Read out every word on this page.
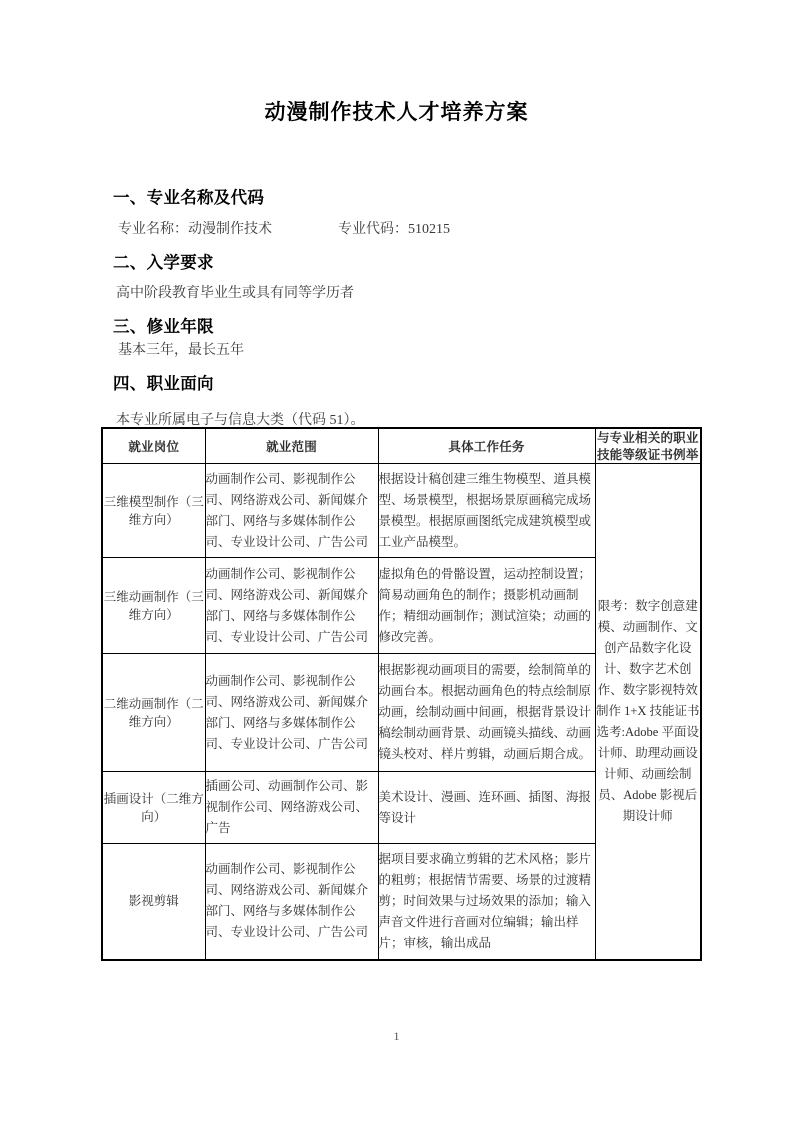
动漫制作技术人才培养方案
一、专业名称及代码
专业名称：动漫制作技术	专业代码：510215
二、入学要求
高中阶段教育毕业生或具有同等学历者
三、修业年限
基本三年，最长五年
四、职业面向
本专业所属电子与信息大类（代码 51）。
就业岗位	就业范围	具体工作任务	与专业相关的职业技能等级证书例举
三维模型制作（三维方向）	动画制作公司、影视制作公司、网络游戏公司、新闻媒介部门、网络与多媒体制作公司、专业设计公司、广告公司	根据设计稿创建三维生物模型、道具模型、场景模型，根据场景原画稿完成场景模型。根据原画图纸完成建筑模型或工业产品模型。	限考：数字创意建模、动画制作、文创产品数字化设计、数字艺术创作、数字影视特效制作 1+X 技能证书选考:Adobe 平面设计师、助理动画设计师、动画绘制员、Adobe 影视后期设计师
三维动画制作（三维方向）	动画制作公司、影视制作公司、网络游戏公司、新闻媒介部门、网络与多媒体制作公司、专业设计公司、广告公司	虚拟角色的骨骼设置，运动控制设置；简易动画角色的制作；摄影机动画制作；精细动画制作；测试渲染；动画的修改完善。	
二维动画制作（二维方向）	动画制作公司、影视制作公司、网络游戏公司、新闻媒介部门、网络与多媒体制作公司、专业设计公司、广告公司	根据影视动画项目的需要，绘制简单的动画台本。根据动画角色的特点绘制原动画，绘制动画中间画，根据背景设计稿绘制动画背景、动画镜头描线、动画镜头校对、样片剪辑，动画后期合成。	
插画设计（二维方向）	插画公司、动画制作公司、影视制作公司、网络游戏公司、广告	美术设计、漫画、连环画、插图、海报等设计	
影视剪辑	动画制作公司、影视制作公司、网络游戏公司、新闻媒介部门、网络与多媒体制作公司、专业设计公司、广告公司	据项目要求确立剪辑的艺术风格；影片的粗剪；根据情节需要、场景的过渡精剪；时间效果与过场效果的添加；输入声音文件进行音画对位编辑；输出样片；审核，输出成品	
1
